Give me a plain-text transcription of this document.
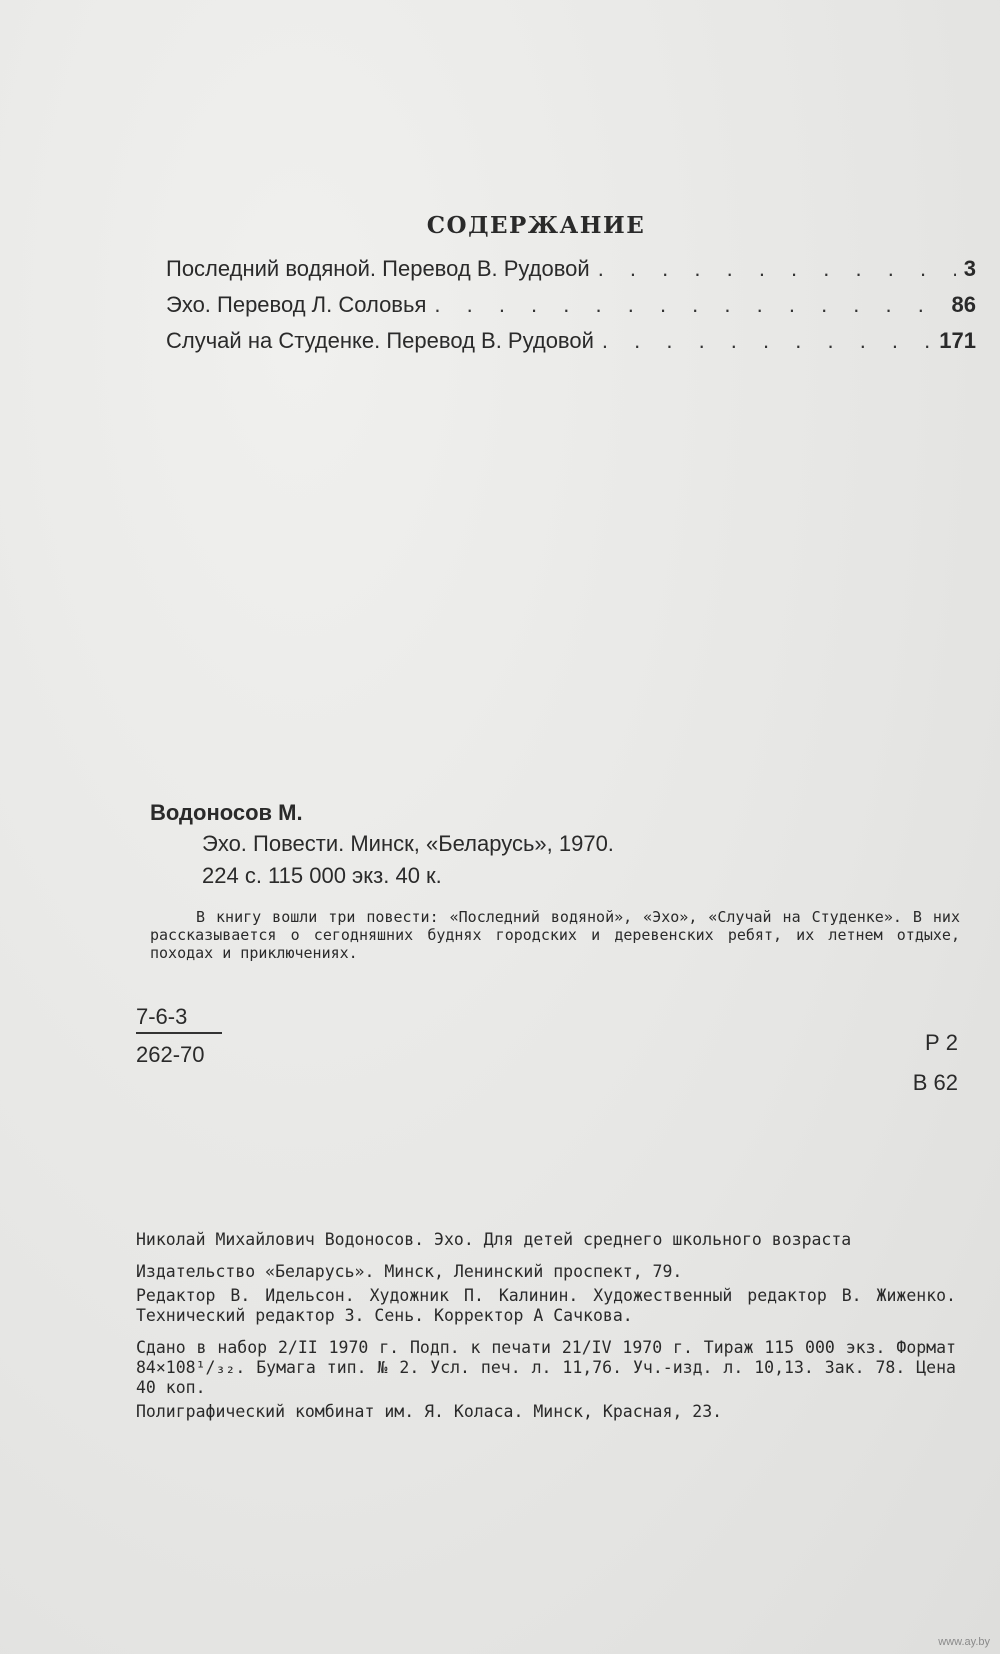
СОДЕРЖАНИЕ
Последний водяной. Перевод В. Рудовой . . .	3
Эхо. Перевод Л. Соловья . . .	86
Случай на Студенке. Перевод В. Рудовой . . .	171
Водоносов М.
Эхо. Повести. Минск, «Беларусь», 1970.
224 с. 115 000 экз. 40 к.
В книгу вошли три повести: «Последний водяной», «Эхо», «Случай на Студенке». В них рассказывается о сегодняшних буднях городских и деревенских ребят, их летнем отдыхе, походах и приключениях.
$\frac{7-6-3}{262-70}$	Р 2
В 62

Николай Михайлович Водоносов. Эхо. Для детей среднего школьного возраста

Издательство «Беларусь». Минск, Ленинский проспект, 79.

Редактор В. Идельсон. Художник П. Калинин. Художественный редактор В. Жиженко. Технический редактор З. Сень. Корректор А Сачкова.

Сдано в набор 2/II 1970 г. Подп. к печати 21/IV 1970 г. Тираж 115 000 экз. Формат 84×108¹/₃₂. Бумага тип. № 2. Усл. печ. л. 11,76. Уч.-изд. л. 10,13. Зак. 78. Цена 40 коп.

Полиграфический комбинат им. Я. Коласа. Минск, Красная, 23.

www.ay.by
